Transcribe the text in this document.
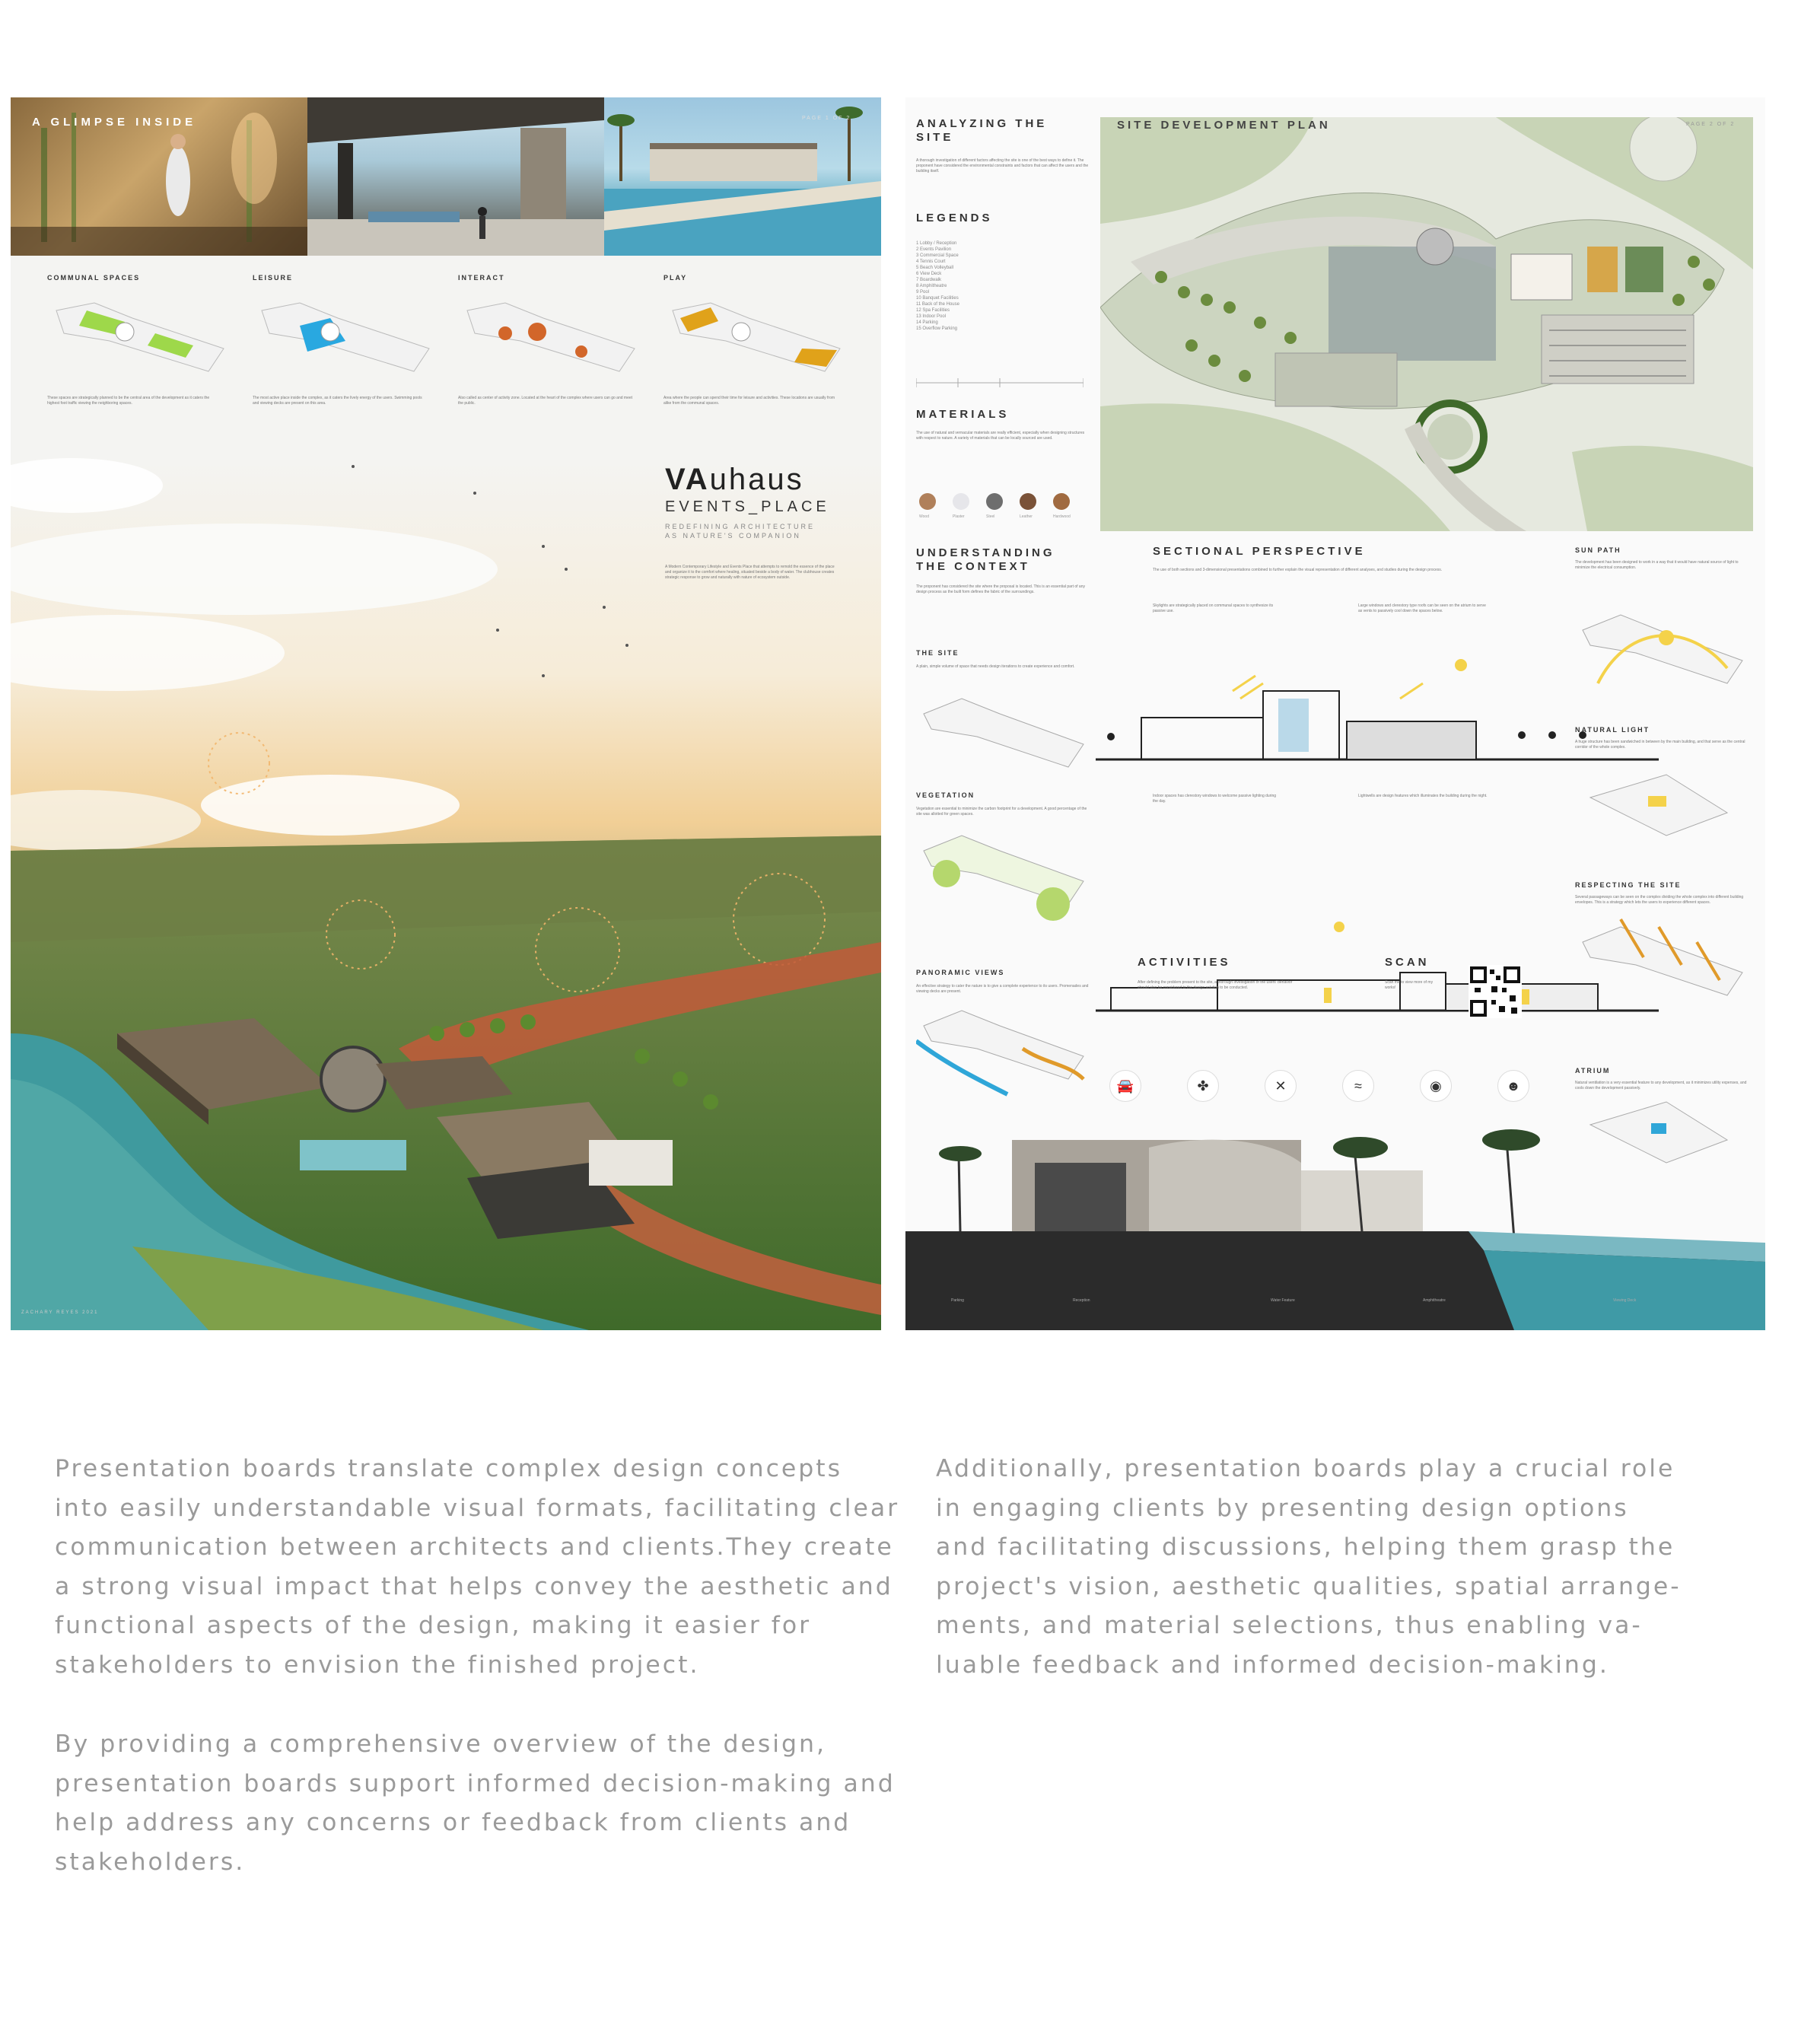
A GLIMPSE INSIDE	PAGE 1 OF 2
COMMUNAL SPACES	LEISURE	INTERACT	PLAY
These spaces are strategically planned to be the central area of the development as it caters the highest foot traffic viewing the neighboring spaces.
The most active place inside the complex, as it caters the lively energy of the users. Swimming pools and viewing decks are present on this area.
Also called as center of activity zone. Located at the heart of the complex where users can go and meet the public.
Area where the people can spend their time for leisure and activities. These locations are usually from alike from the communal spaces.
VAuhaus
EVENTS_PLACE
REDEFINING ARCHITECTURE
AS NATURE'S COMPANION
A Modern Contemporary Lifestyle and Events Place that attempts to remold the essence of the place and organize it to the comfort where healing, situated beside a body of water. The clubhouse creates strategic response to grow and naturally with nature of ecosystem outside.
ZACHARY REYES 2021
ANALYZING THE SITE
A thorough investigation of different factors affecting the site is one of the best ways to define it. The proponent have considered the environmental constraints and factors that can affect the users and the building itself.
LEGENDS
1 Lobby / Reception
2 Events Pavilion
3 Commercial Space
4 Tennis Court
5 Beach Volleyball
6 View Deck
7 Boardwalk
8 Amphitheatre
9 Pool
10 Banquet Facilities
11 Back of the House
12 Spa Facilities
13 Indoor Pool
14 Parking
15 Overflow Parking
MATERIALS
The use of natural and vernacular materials are really efficient, especially when designing structures with respect to nature. A variety of materials that can be locally sourced are used.
Wood	Plaster	Steel	Leather	Hardwood
SITE DEVELOPMENT PLAN	PAGE 2 OF 2
UNDERSTANDING THE CONTEXT
The proponent has considered the site where the proposal is located. This is an essential part of any design process as the built form defines the fabric of the surroundings.
THE SITE
A plain, simple volume of space that needs design iterations to create experience and comfort.
VEGETATION
Vegetation are essential to minimize the carbon footprint for a development. A good percentage of the site was allotted for green spaces.
PANORAMIC VIEWS
An effective strategy to cater the nature is to give a complete experience to its users. Promenades and viewing decks are present.
SECTIONAL PERSPECTIVE
The use of both sections and 3-dimensional presentations combined to further explain the visual representation of different analyses, and studies during the design process.
Skylights are strategically placed on communal spaces to synthesize its passive use.
Large windows and clerestory type roofs can be seen on the atrium to serve as vents to passively cool down the spaces below.
Indoor spaces has clerestory windows to welcome passive lighting during the day.
Lightwells are design features which illuminates the building during the night.
ACTIVITIES
After defining the problem present to the site, a thorough investigation of the users' behavior should also be considered to the design solution to be conducted.
SCAN
Scan me to view more of my works!
🚘	✤	✕	≈	◉	☻
Parking	Reception	Water Feature	Amphitheatre	Viewing Deck
SUN PATH
The development has been designed to work in a way that it would have natural source of light to minimize the electrical consumption.
NATURAL LIGHT
A huge structure has been sandwiched in between by the main building, and that serve as the central corridor of the whole complex.
RESPECTING THE SITE
Several passageways can be seen on the complex dividing the whole complex into different building envelopes. This is a strategy which lets the users to experience different spaces.
ATRIUM
Natural ventilation is a very essential feature to any development, as it minimizes utility expenses, and cools down the development passively.
Presentation boards translate complex design concepts
into easily understandable visual formats, facilitating clear
communication between architects and clients.They create
a strong visual impact that helps convey the aesthetic and
functional aspects of the design, making it easier for
stakeholders to envision the finished project.
Additionally, presentation boards play a crucial role
in engaging clients by presenting design options
and facilitating discussions, helping them grasp the
project's vision, aesthetic qualities, spatial arrange-
ments, and material selections, thus enabling va-
luable feedback and informed decision-making.
By providing a comprehensive overview of the design,
presentation boards support informed decision-making and
help address any concerns or feedback from clients and
stakeholders.
